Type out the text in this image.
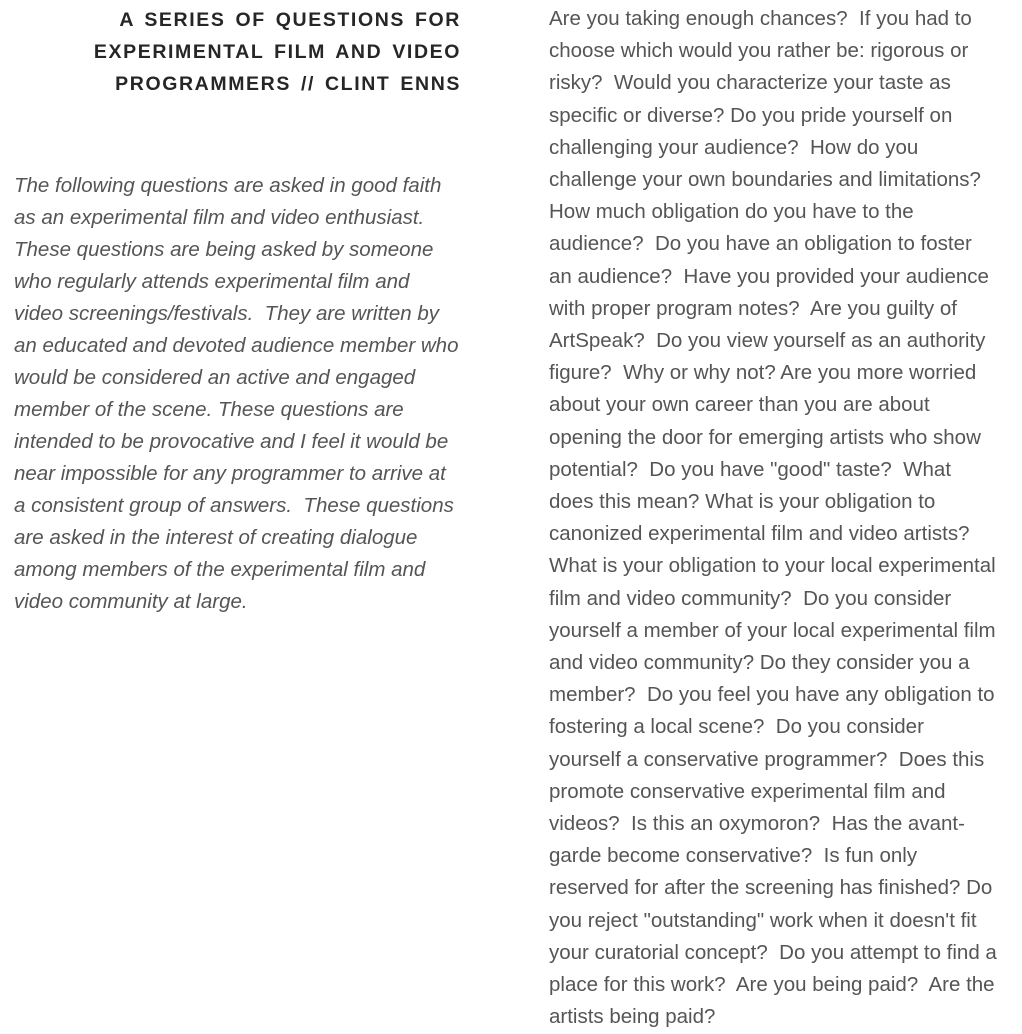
A SERIES OF QUESTIONS FOR
EXPERIMENTAL FILM AND VIDEO
PROGRAMMERS // CLINT ENNS

The following questions are asked in good faith as an experimental film and video enthusiast.  These questions are being asked by someone who regularly attends experimental film and video screenings/festivals.  They are written by an educated and devoted audience member who would be considered an active and engaged member of the scene. These questions are intended to be provocative and I feel it would be near impossible for any programmer to arrive at a consistent group of answers.  These questions are asked in the interest of creating dialogue among members of the experimental film and video community at large.

Are you taking enough chances?  If you had to choose which would you rather be: rigorous or risky?  Would you characterize your taste as specific or diverse? Do you pride yourself on challenging your audience?  How do you challenge your own boundaries and limitations? How much obligation do you have to the audience?  Do you have an obligation to foster an audience?  Have you provided your audience with proper program notes?  Are you guilty of ArtSpeak?  Do you view yourself as an authority figure?  Why or why not? Are you more worried about your own career than you are about opening the door for emerging artists who show potential?  Do you have "good" taste?  What does this mean? What is your obligation to canonized experimental film and video artists?  What is your obligation to your local experimental film and video community?  Do you consider yourself a member of your local experimental film and video community? Do they consider you a member?  Do you feel you have any obligation to fostering a local scene?  Do you consider yourself a conservative programmer?  Does this promote conservative experimental film and videos?  Is this an oxymoron?  Has the avant-garde become conservative?  Is fun only reserved for after the screening has finished? Do you reject "outstanding" work when it doesn't fit your curatorial concept?  Do you attempt to find a place for this work?  Are you being paid?  Are the artists being paid?
